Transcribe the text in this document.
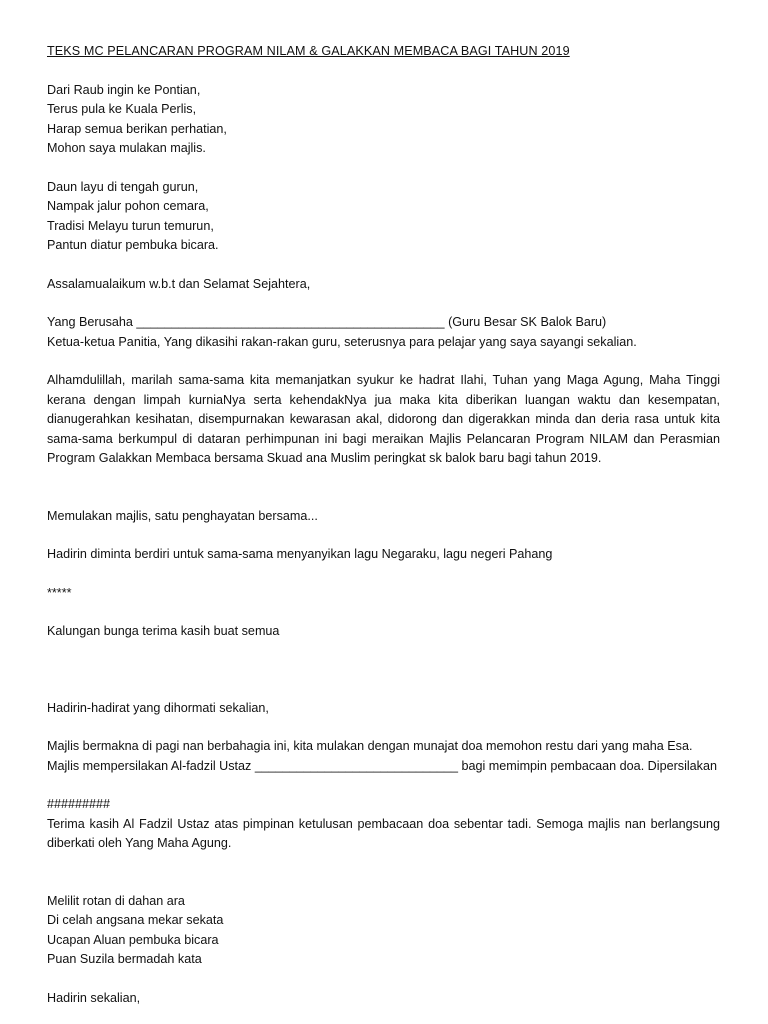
TEKS MC PELANCARAN PROGRAM NILAM & GALAKKAN MEMBACA BAGI TAHUN 2019
Dari Raub ingin ke Pontian,
Terus pula ke Kuala Perlis,
Harap semua berikan perhatian,
Mohon saya mulakan majlis.
Daun layu di tengah gurun,
Nampak jalur pohon cemara,
Tradisi Melayu turun temurun,
Pantun diatur pembuka bicara.

Assalamualaikum w.b.t dan Selamat Sejahtera,

Yang Berusaha ____________________________________________ (Guru Besar SK Balok Baru)

Ketua-ketua Panitia, Yang dikasihi rakan-rakan guru, seterusnya para pelajar yang saya sayangi sekalian.

Alhamdulillah, marilah sama-sama kita memanjatkan syukur ke hadrat Ilahi, Tuhan yang Maga Agung, Maha Tinggi kerana dengan limpah kurniaNya serta kehendakNya jua maka kita diberikan luangan waktu dan kesempatan, dianugerahkan kesihatan, disempurnakan kewarasan akal, didorong dan digerakkan minda dan deria rasa untuk kita sama-sama berkumpul di dataran perhimpunan ini bagi meraikan Majlis Pelancaran Program NILAM dan Perasmian Program Galakkan Membaca bersama Skuad ana Muslim peringkat sk balok baru bagi tahun 2019.

Memulakan majlis, satu penghayatan bersama...

Hadirin diminta berdiri untuk sama-sama menyanyikan lagu Negaraku, lagu negeri Pahang

*****

Kalungan bunga terima kasih buat semua

Hadirin-hadirat yang dihormati sekalian,

Majlis bermakna di pagi nan berbahagia ini, kita mulakan dengan munajat doa memohon restu dari yang maha Esa.

Majlis mempersilakan Al-fadzil Ustaz _____________________________ bagi memimpin pembacaan doa. Dipersilakan

#########

Terima kasih Al Fadzil Ustaz atas pimpinan ketulusan pembacaan doa sebentar tadi. Semoga majlis nan berlangsung diberkati oleh Yang Maha Agung.

Melilit rotan di dahan ara
Di celah angsana mekar sekata
Ucapan Aluan pembuka bicara
Puan Suzila bermadah kata

Hadirin sekalian,
